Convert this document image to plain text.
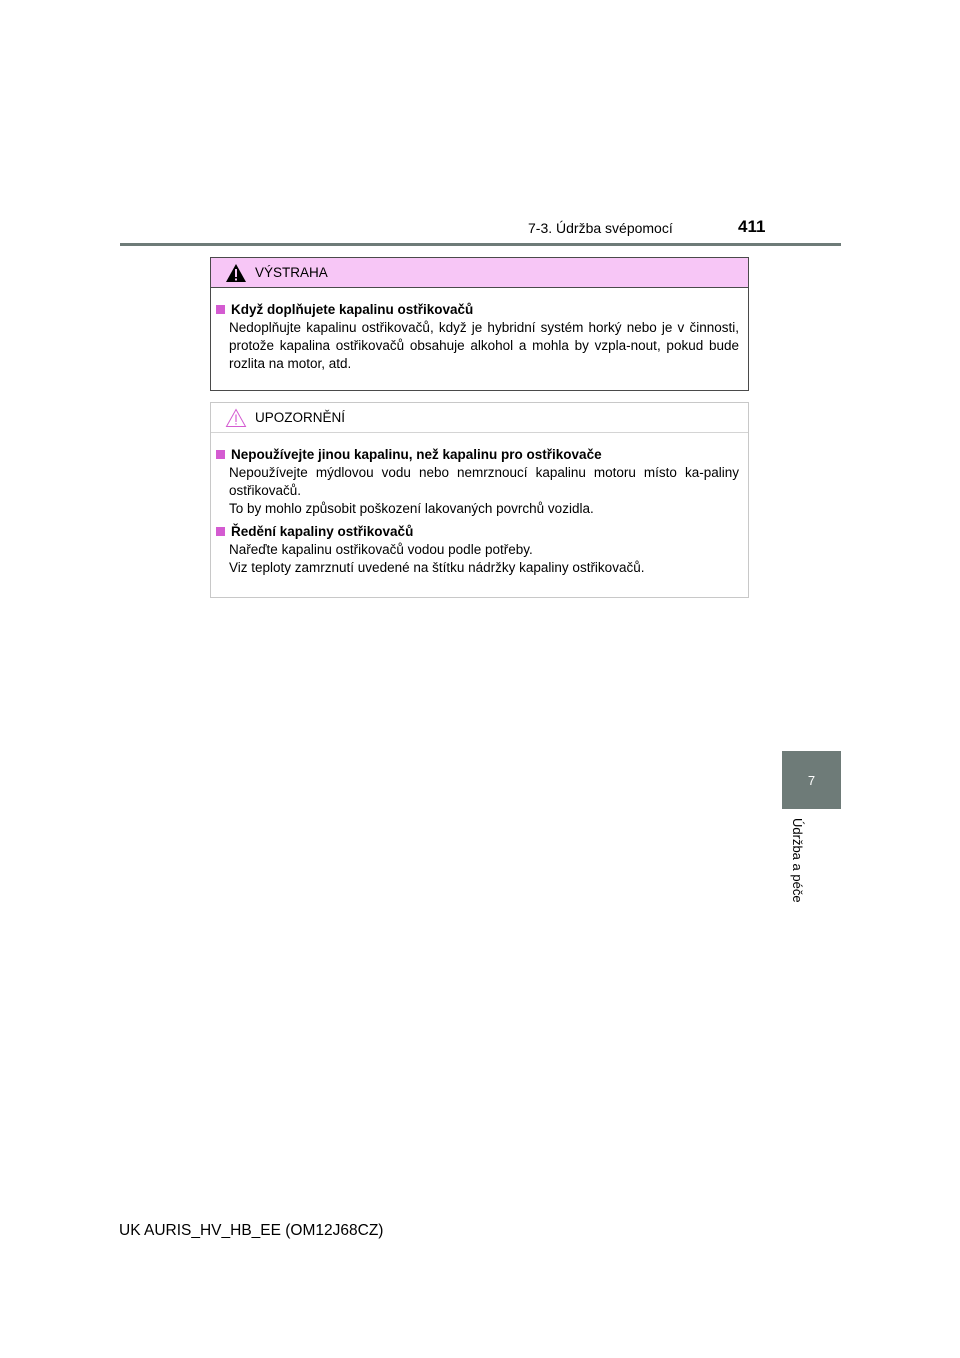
7-3. Údržba svépomocí	411
VÝSTRAHA
Když doplňujete kapalinu ostřikovačů
Nedoplňujte kapalinu ostřikovačů, když je hybridní systém horký nebo je v činnosti, protože kapalina ostřikovačů obsahuje alkohol a mohla by vzpla-nout, pokud bude rozlita na motor, atd.
UPOZORNĚNÍ
Nepoužívejte jinou kapalinu, než kapalinu pro ostřikovače
Nepoužívejte mýdlovou vodu nebo nemrznoucí kapalinu motoru místo ka-paliny ostřikovačů.
To by mohlo způsobit poškození lakovaných povrchů vozidla.
Ředění kapaliny ostřikovačů
Nařeďte kapalinu ostřikovačů vodou podle potřeby.
Viz teploty zamrznutí uvedené na štítku nádržky kapaliny ostřikovačů.
7
Údržba a péče
UK AURIS_HV_HB_EE (OM12J68CZ)
